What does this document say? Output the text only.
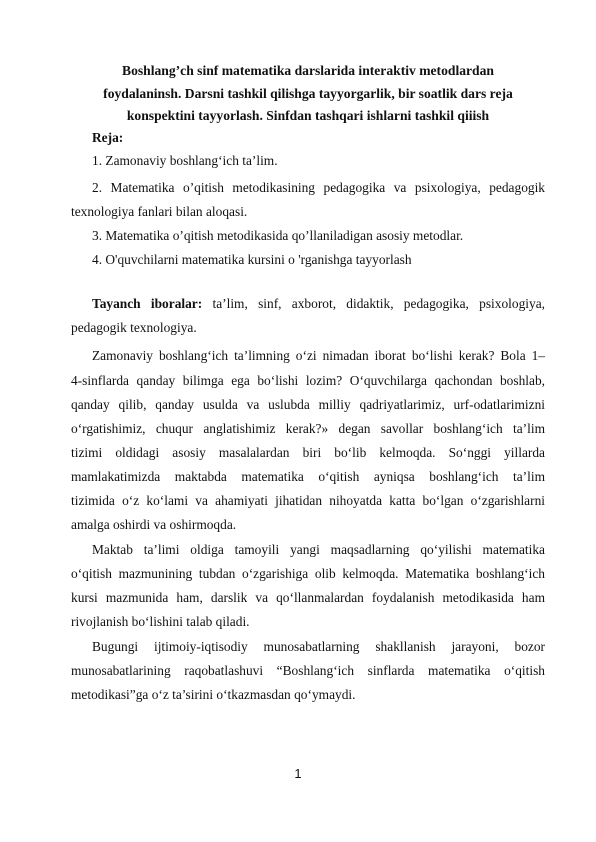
Boshlang’ch sinf matematika darslarida interaktiv metodlardan
foydalaninsh. Darsni tashkil qilishga tayyorgarlik, bir soatlik dars reja
konspektini tayyorlash. Sinfdan tashqari ishlarni tashkil qiiish
Reja:
1. Zamonaviy boshlang‘ich ta’lim.
2. Matematika o’qitish metodikasining pedagogika va psixologiya, pedagogik
texnologiya fanlari bilan aloqasi.
3. Matematika o’qitish metodikasida qo’llaniladigan asosiy metodlar.
4. O'quvchilarni matematika kursini o 'rganishga tayyorlash
Tayanch iboralar: ta’lim, sinf, axborot, didaktik, pedagogika, psixologiya,
pedagogik texnologiya.
Zamonaviy boshlang‘ich ta’limning o‘zi nimadan iborat bo‘lishi kerak? Bola 1–
4-sinflarda qanday bilimga ega bo‘lishi lozim? O‘quvchilarga qachondan boshlab,
qanday qilib, qanday usulda va uslubda milliy qadriyatlarimiz, urf-odatlarimizni
o‘rgatishimiz, chuqur anglatishimiz kerak?» degan savollar boshlang‘ich ta’lim
tizimi oldidagi asosiy masalalardan biri bo‘lib kelmoqda. So‘nggi yillarda
mamlakatimizda maktabda matematika o‘qitish ayniqsa boshlang‘ich ta’lim
tizimida o‘z ko‘lami va ahamiyati jihatidan nihoyatda katta bo‘lgan o‘zgarishlarni
amalga oshirdi va oshirmoqda.
Maktab ta’limi oldiga tamoyili yangi maqsadlarning qo‘yilishi matematika
o‘qitish mazmunining tubdan o‘zgarishiga olib kelmoqda. Matematika boshlang‘ich
kursi mazmunida ham, darslik va qo‘llanmalardan foydalanish metodikasida ham
rivojlanish bo‘lishini talab qiladi.
Bugungi ijtimoiy-iqtisodiy munosabatlarning shakllanish jarayoni, bozor
munosabatlarining raqobatlashuvi “Boshlang‘ich sinflarda matematika o‘qitish
metodikasi”ga o‘z ta’sirini o‘tkazmasdan qo‘ymaydi.
1
